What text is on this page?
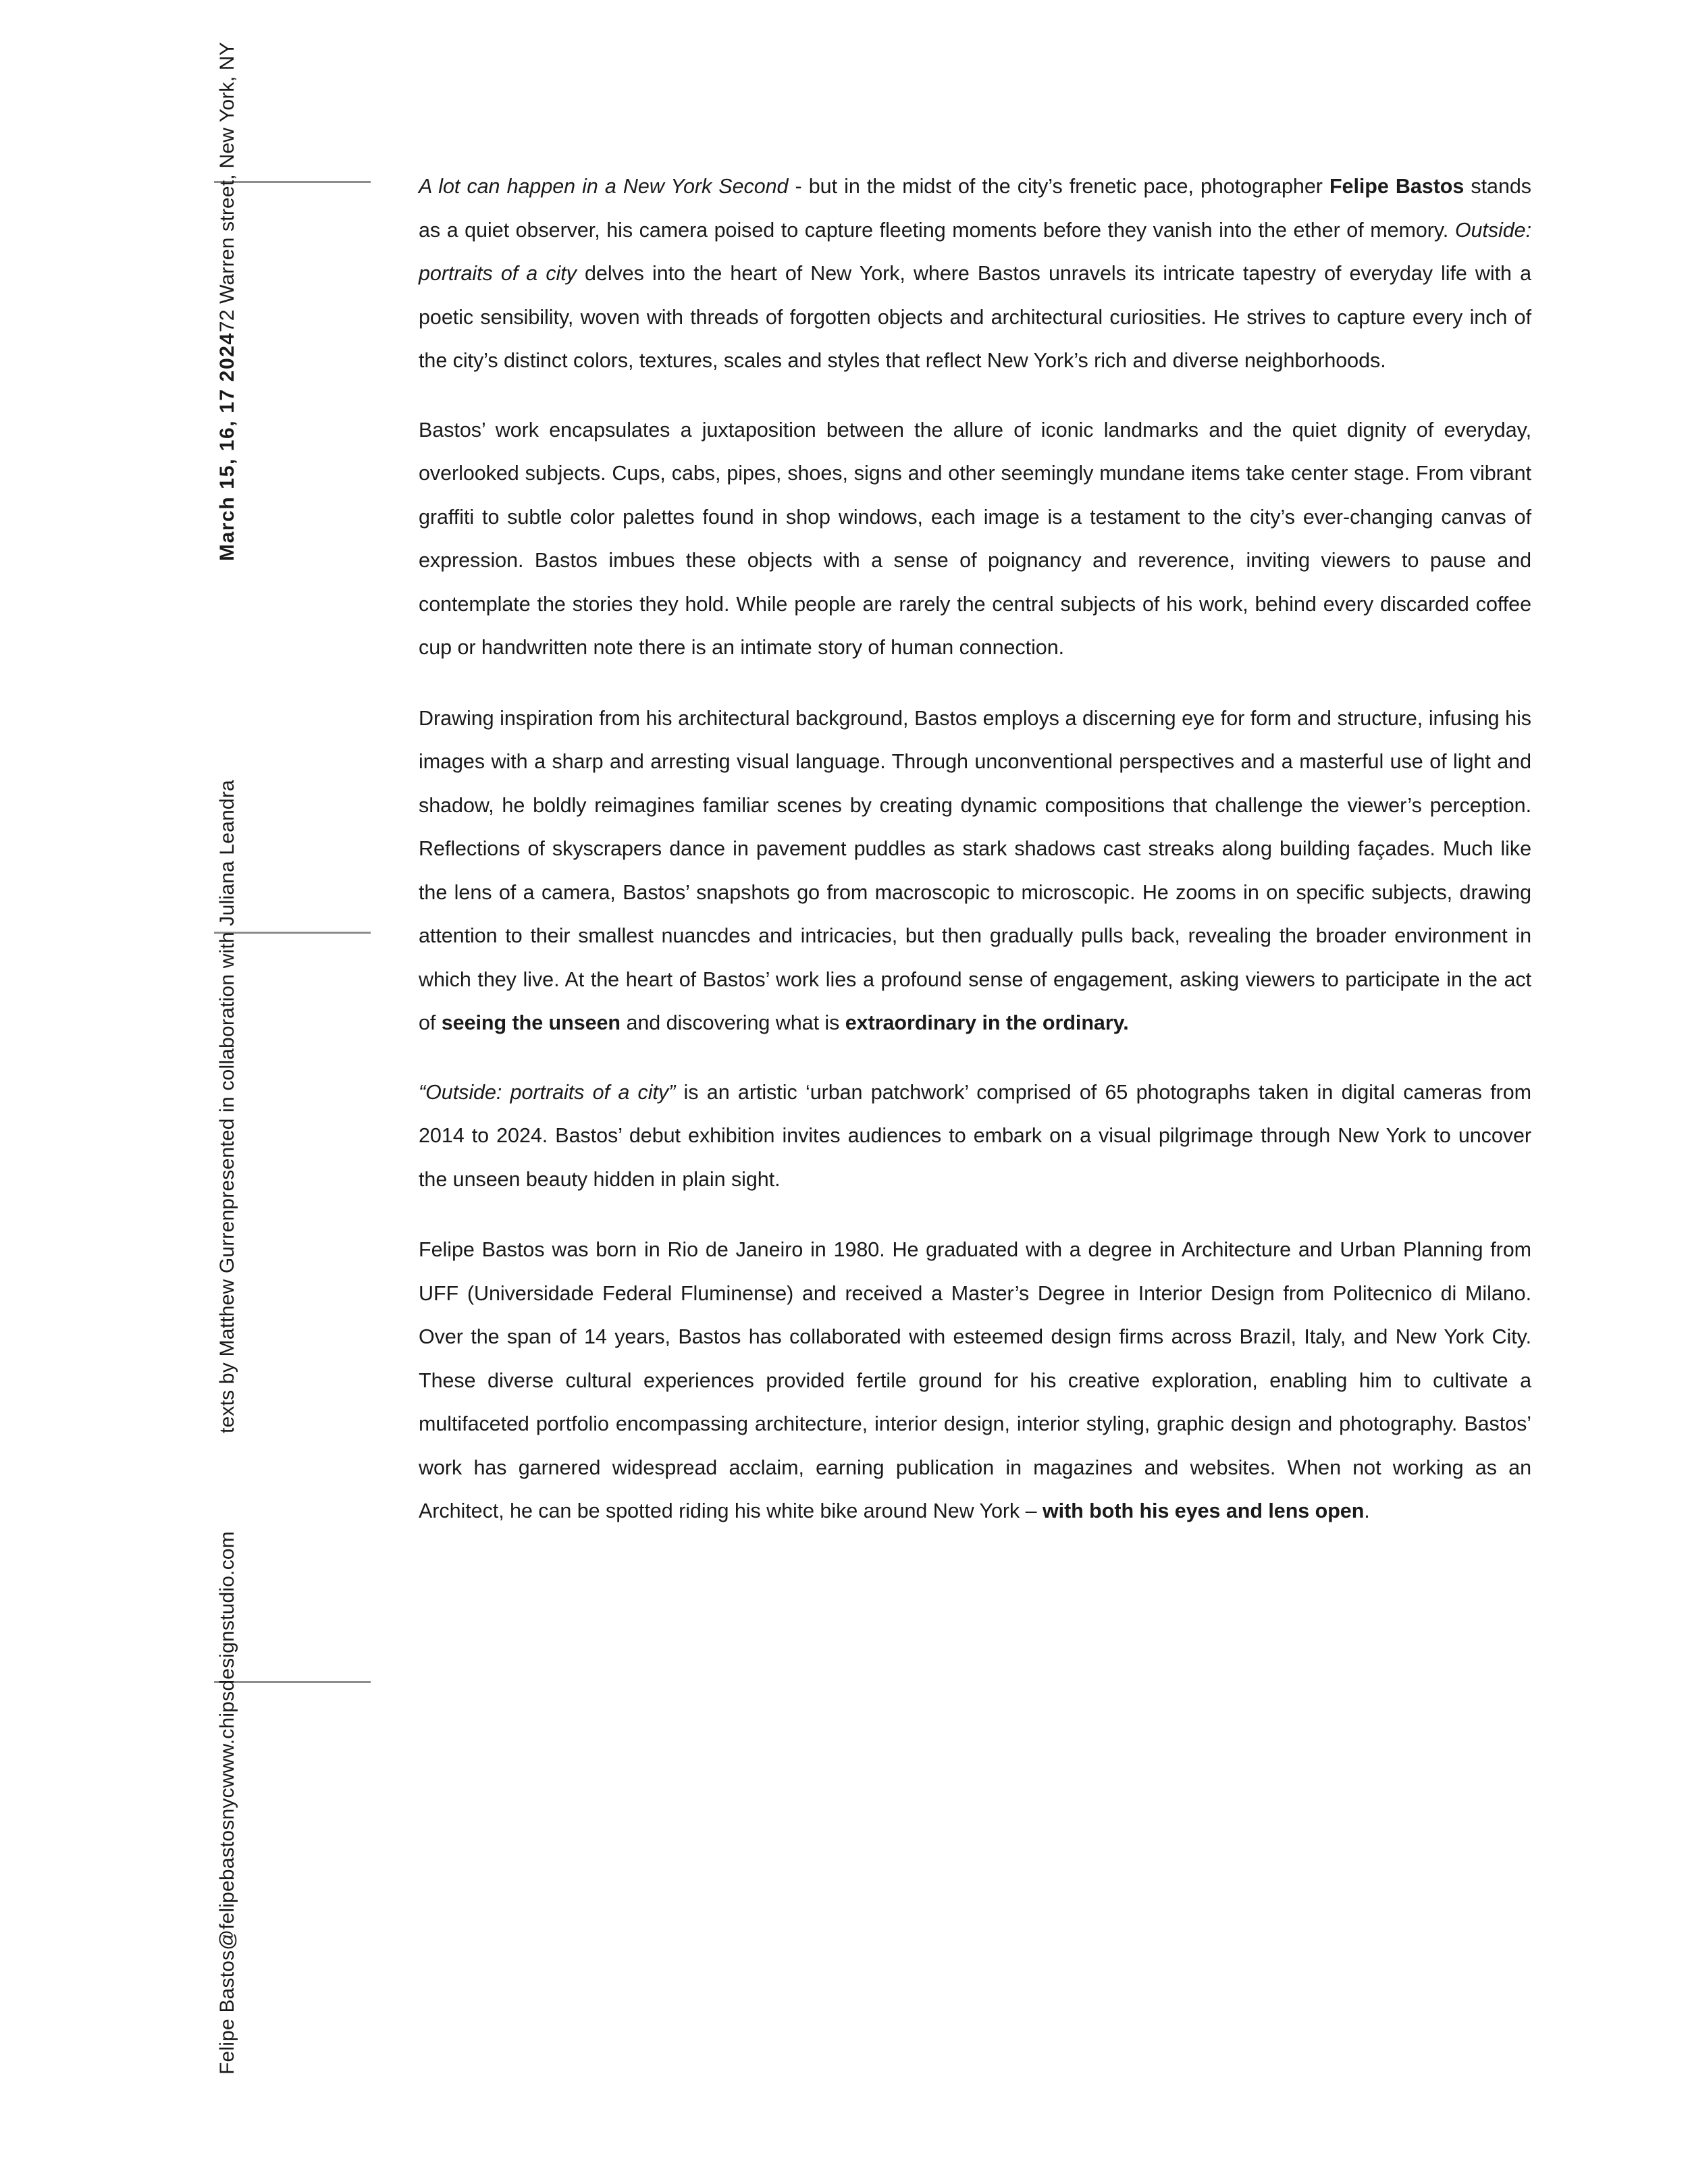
March 15, 16, 17 2024
72 Warren street, New York, NY
texts by Matthew Gurren
presented in collaboration with Juliana Leandra
Felipe Bastos
@felipebastosnyc
www.chipsdesignstudio.com

A lot can happen in a New York Second - but in the midst of the city’s frenetic pace, photographer Felipe Bastos stands as a quiet observer, his camera poised to capture fleeting moments before they vanish into the ether of memory. Outside: portraits of a city delves into the heart of New York, where Bastos unravels its intricate tapestry of everyday life with a poetic sensibility, woven with threads of forgotten objects and architectural curiosities. He strives to capture every inch of the city’s distinct colors, textures, scales and styles that reflect New York’s rich and diverse neighborhoods.

Bastos’ work encapsulates a juxtaposition between the allure of iconic landmarks and the quiet dignity of everyday, overlooked subjects. Cups, cabs, pipes, shoes, signs and other seemingly mundane items take center stage. From vibrant graffiti to subtle color palettes found in shop windows, each image is a testament to the city’s ever-changing canvas of expression. Bastos imbues these objects with a sense of poignancy and reverence, inviting viewers to pause and contemplate the stories they hold. While people are rarely the central subjects of his work, behind every discarded coffee cup or handwritten note there is an intimate story of human connection.

Drawing inspiration from his architectural background, Bastos employs a discerning eye for form and structure, infusing his images with a sharp and arresting visual language. Through unconventional perspectives and a masterful use of light and shadow, he boldly reimagines familiar scenes by creating dynamic compositions that challenge the viewer’s perception. Reflections of skyscrapers dance in pavement puddles as stark shadows cast streaks along building façades. Much like the lens of a camera, Bastos’ snapshots go from macroscopic to microscopic. He zooms in on specific subjects, drawing attention to their smallest nuancdes and intricacies, but then gradually pulls back, revealing the broader environment in which they live. At the heart of Bastos’ work lies a profound sense of engagement, asking viewers to participate in the act of seeing the unseen and discovering what is extraordinary in the ordinary.

“Outside: portraits of a city” is an artistic ‘urban patchwork’ comprised of 65 photographs taken in digital cameras from 2014 to 2024. Bastos’ debut exhibition invites audiences to embark on a visual pilgrimage through New York to uncover the unseen beauty hidden in plain sight.

Felipe Bastos was born in Rio de Janeiro in 1980. He graduated with a degree in Architecture and Urban Planning from UFF (Universidade Federal Fluminense) and received a Master’s Degree in Interior Design from Politecnico di Milano. Over the span of 14 years, Bastos has collaborated with esteemed design firms across Brazil, Italy, and New York City. These diverse cultural experiences provided fertile ground for his creative exploration, enabling him to cultivate a multifaceted portfolio encompassing architecture, interior design, interior styling, graphic design and photography. Bastos’ work has garnered widespread acclaim, earning publication in magazines and websites. When not working as an Architect, he can be spotted riding his white bike around New York – with both his eyes and lens open.
